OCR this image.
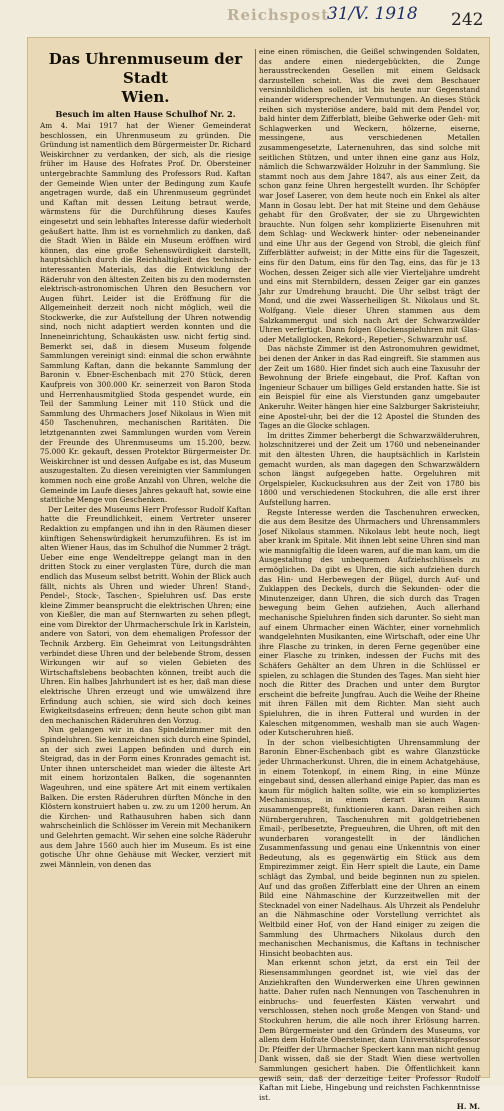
Reichspost
31/V. 1918 242
Das Uhrenmuseum der Stadt
Wien.
Besuch im alten Hause Schulhof Nr. 2.

Am 4. Mai 1917 hat der Wiener Gemeinderat beschlossen, ein Uhrenmuseum zu gründen. Die Gründung ist namentlich dem Bürgermeister Dr. Richard Weiskirchner zu verdanken, der sich, als die riesige früher im Hause des Hofrates Prof. Dr. Obersteiner untergebrachte Sammlung des Professors Rud. Kaftan der Gemeinde Wien unter der Bedingung zum Kaufe angetragen wurde, daß ein Uhrenmuseum gegründet und Kaftan mit dessen Leitung betraut werde, wärmstens für die Durchführung dieses Kaufes eingesetzt und sein lebhaftes Interesse dafür wiederholt geäußert hatte. Ihm ist es vornehmlich zu danken, daß die Stadt Wien in Bälde ein Museum eröffnen wird können, das eine große Sehenswürdigkeit darstellt, hauptsächlich durch die Reichhaltigkeit des technisch-interessanten Materials, das die Entwicklung der Räderuhr von den ältesten Zeiten bis zu den modernsten elektrisch-astronomischen Uhren den Besuchern vor Augen führt. Leider ist die Eröffnung für die Allgemeinheit derzeit noch nicht möglich, weil die Stockwerke, die zur Aufstellung der Uhren notwendig sind, noch nicht adaptiert werden konnten und die Inneneinrichtung, Schaukästen usw. nicht fertig sind. Bemerkt sei, daß in diesem Museum folgende Sammlungen vereinigt sind: einmal die schon erwähnte Sammlung Kaftan, dann die bekannte Sammlung der Baronin v. Ebner-Eschenbach mit 270 Stück, deren Kaufpreis von 300.000 Kr. seinerzeit von Baron Stoda und Herrenhausmitglied Stoda gespendet wurde, ein Teil der Sammlung Leiner mit 110 Stück und die Sammlung des Uhrmachers Josef Nikolaus in Wien mit 450 Taschenuhren, mechanischen Raritäten. Die letztgenannten zwei Sammlungen wurden vom Verein der Freunde des Uhrenmuseums um 15.200, bezw. 75.000 Kr. gekauft, dessen Protektor Bürgermeister Dr. Weiskirchner ist und dessen Aufgabe es ist, das Museum auszugestalten. Zu diesen vereinigten vier Sammlungen kommen noch eine große Anzahl von Uhren, welche die Gemeinde im Laufe dieses Jahres gekauft hat, sowie eine stattliche Menge von Geschenken.

Der Leiter des Museums Herr Professor Rudolf Kaftan hatte die Freundlichkeit, einem Vertreter unserer Redaktion zu empfangen und ihn in den Räumen dieser künftigen Sehenswürdigkeit herumzuführen. Es ist im alten Wiener Haus, das im Schulhof die Nummer 2 trägt. Ueber eine enge Wendeltreppe gelangt man in den dritten Stock zu einer verglasten Türe, durch die man endlich das Museum selbst betritt. Wohin der Blick auch fällt, nichts als Uhren und wieder Uhren! Stand-, Pendel-, Stock-, Taschen-, Spieluhren usf. Das erste kleine Zimmer beansprucht die elektrischen Uhren; eine von Kießler, die man auf Sternwarten zu sehen pflegt, eine vom Direktor der Uhrmacherschule Irk in Karlstein, andere von Satori, von dem ehemaligen Professor der Technik Arzberg. Ein Geheimrat von Leitungsdrähten verbindet diese Uhren und der belebende Strom, dessen Wirkungen wir auf so vielen Gebieten des Wirtschaftslebens beobachten können, treibt auch die Uhren. Ein halbes Jahrhundert ist es her, daß man diese elektrische Uhren erzeugt und wie umwälzend ihre Erfindung auch schien, sie wird sich doch keines Ewigkeitsdaseins erfreuen; denn heute schon gibt man den mechanischen Räderuhren den Vorzug.

Nun gelangen wir in das Spindelzimmer mit den Spindeluhren. Sie kennzeichnen sich durch eine Spindel, an der sich zwei Lappen befinden und durch ein Steigrad, das in der Form eines Kronrades gemacht ist. Unter ihnen unterscheidet man wieder die älteste Art mit einem horizontalen Balken, die sogenannten Wageuhren, und eine spätere Art mit einem vertikalen Balken. Die ersten Räderuhren dürften Mönche in den Klöstern konstruiert haben u. zw. zu um 1200 herum. An die Kirchen- und Rathausuhren haben sich dann wahrscheinlich die Schlösser im Verein mit Mechanikern und Gelehrten gemacht. Wir sehen eine solche Räderuhr aus dem Jahre 1560 auch hier im Museum. Es ist eine gotische Uhr ohne Gehäuse mit Wecker, verziert mit zwei Männlein, von denen das

eine einen römischen, die Geißel schwingenden Soldaten, das andere einen niedergebückten, die Zunge herausstreckenden Gesellen mit einem Geldsack darzustellen scheint. Was die zwei dem Beschauer versinnbildlichen sollen, ist bis heute nur Gegenstand einander widersprechender Vermutungen. An dieses Stück reihen sich mysteriöse andere, bald mit dem Pendel vor, bald hinter dem Zifferblatt, bleibe Gehwerke oder Geh- mit Schlagwerken und Weckern, hölzerne, eiserne, messingene, aus verschiedenen Metallen zusammengesetzte, Laternenuhren, das sind solche mit seitlichen Stützen, und unter ihnen eine ganz aus Holz, nämlich die Schwarzwälder Holzuhr in der Sammlung. Sie stammt noch aus dem Jahre 1847, als aus einer Zeit, da schon ganz feine Uhren hergestellt wurden. Ihr Schöpfer war Josef Laserer, von dem heute noch ein Enkel als alter Mann in Gosau lebt. Der hat mit Steine und dem Gehäuse gehabt für den Großvater, der sie zu Uhrgewichten brauchte. Nun folgen sehr komplizierte Eisenuhren mit dem Schlag- und Weckwerk hinter- oder nebeneinander und eine Uhr aus der Gegend von Strobl, die gleich fünf Zifferblätter aufweist; in der Mitte eins für die Tageszeit, eins für den Datum, eins für den Tag, eins, das für je 13 Wochen, dessen Zeiger sich alle vier Vierteljahre umdreht und eins mit Sternbildern, dessen Zeiger gar ein ganzes Jahr zur Umdrehung braucht. Die Uhr selbst trägt der Mond, und die zwei Wasserheiligen St. Nikolaus und St. Wolfgang. Viele dieser Uhren stammen aus dem Salzkammergut und sich nach Art der Schwarzwälder Uhren verfertigt. Dann folgen Glockenspieluhren mit Glas- oder Metallglocken, Rekord-, Repetier-, Schwarzuhr usf.

Das nächste Zimmer ist den Astronomuhren gewidmet, bei denen der Anker in das Rad eingreift. Sie stammen aus der Zeit um 1680. Hier findet sich auch eine Taxusuhr der Bewohnung der Briefe eingebaut, die Prof. Kaftan von Ingenieur Schauer um billiges Geld erstanden hatte. Sie ist ein Beispiel für eine als Vierstunden ganz umgebauter Ankeruhr. Weiter hängen hier eine Salzburger Sakristeiuhr, eine Apostel-uhr, bei der die 12 Apostel die Stunden des Tages an die Glocke schlagen.

Im drittes Zimmer beherbergt die Schwarzwälderuhren, holzschnitzerei und der Zeit um 1760 und nebeneinander mit den ältesten Uhren, die hauptsächlich in Karlstein gemacht wurden, als man dagegen den Schwarzwäldern schon längst aufgegeben hatte. Orgeluhren mit Orgelspieler, Kuckucksuhren aus der Zeit von 1780 bis 1800 und verschiedenen Stockuhren, die alle erst ihrer Aufstellung harren.

Regste Interesse werden die Taschenuhren erwecken, die aus dem Besitze des Uhrmachers und Uhrensammlers Josef Nikolaus stammen. Nikolaus lebt heute noch, liegt aber krank im Spitale. Mit ihnen lebt seine Uhren sind man wie mannigfaltig die Ideen waren, auf die man kam, um die Ausgestaltung des unbequemen Aufziehschlüssels zu ermöglichen. Da gibt es Uhren, die sich aufziehen durch das Hin- und Herbewegen der Bügel, durch Auf- und Zuklappen des Deckels, durch die Sekunden- oder die Minutenzeiger, dann Uhren, die sich durch das Tragen bewegung beim Gehen aufziehen, Auch allerhand mechanische Spieluhren finden sich darunter. So sieht man auf einem Uhrmacher einen Wächter, einer vornehmlich wandgelehnten Musikanten, eine Wirtschaft, oder eine Uhr ihre Flasche zu trinken, in deren Ferne gegenüber eine einer Flasche zu trinken, indessen der Fuchs mit des Schäfers Gehälter an dem Uhren in die Schlüssel er spielen, zu schlagen die Stunden des Tages. Man sieht hier noch die Ritter des Drachen und unter dem Burgtor erscheint die befreite Jungfrau. Auch die Weihe der Rheine mit ihren Fällen mit dem Richter. Man sieht auch Spieluhren, die in ihren Futteral und wurden in der Kaleschen mitgenommen, weshalb man sie auch Wagen- oder Kutscheruhren hieß.

In der schon vielbesichtigten Uhrensammlung der Baronin Ebner-Eschenbach gibt es wahre Glanzstücke jeder Uhrmacherkunst. Uhren, die in einem Achatgehäuse, in einem Totenkopf, in einem Ring, in eine Münze eingebaut sind, dessen allerhand einige Papier, das man es kaum für möglich halten sollte, wie ein so kompliziertes Mechanismus, in einem derart kleinen Raum zusammengepreßt, funktionieren kann. Daran reihen sich Nürnbergeruhren, Taschenuhren mit goldgetriebenen Email-, perlbesetzte, Pregueuhren, die Uhren, oft mit den wunderbaren vorangestellt in der ländlichen Zusammenfassung und genau eine Unkenntnis von einer Bedeutung, als es gegenwärtig ein Stück aus dem Empirezimmer zeigt. Ein Herr spielt die Laute, ein Dame schlägt das Zymbal, und beide beginnen nun zu spielen. Auf und das großen Zifferblatt eine der Uhren an einem Bild eine Nähmaschine der Kurzzeitwellen mit der Stecknadel von einer Nadelhaus. Als Uhrzeit als Pendeluhr an die Nähmaschine oder Vorstellung verrichtet als Weltbild einer Hof, von der Hand einiger zu zeigen die Sammlung des Uhrmachers Nikolaus durch den mechanischen Mechanismus, die Kaftans in technischer Hinsicht beobachten aus.

Man erkennt schon jetzt, da erst ein Teil der Riesensammlungen geordnet ist, wie viel das der Anziehkraften den Wunderwerken eine Uhren gewinnen hatte. Daher rufen nach Nennungen von Taschenuhren in einbruchs- und feuerfesten Kästen verwahrt und verschlossen, stehen noch große Mengen von Stand- und Stockuhren herum, die alle noch ihrer Erlösung harren. Dem Bürgermeister und den Gründern des Museums, vor allem dem Hofrate Obersteiner, dann Universitätsprofessor Dr. Pfeiffer der Uhrmacher Speckert kann man nicht genug Dank wissen, daß sie der Stadt Wien diese wertvollen Sammlungen gesichert haben. Die Öffentlichkeit kann gewiß sein, daß der derzeitige Leiter Professor Rudolf Kaftan mit Liebe, Hingebung und reichsten Fachkenntnisse ist.

H. M.
